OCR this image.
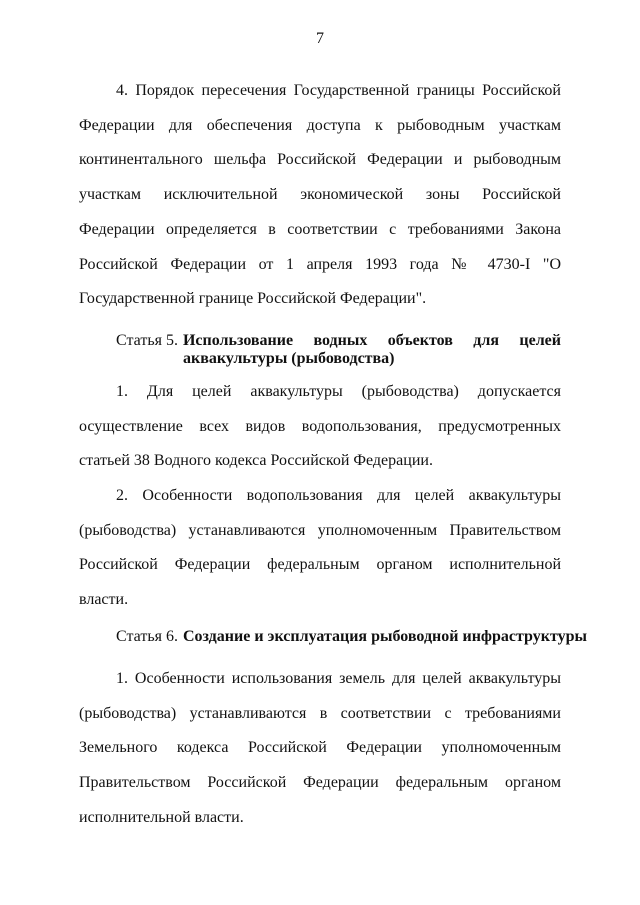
7

4. Порядок пересечения Государственной границы Российской Федерации для обеспечения доступа к рыбоводным участкам континентального шельфа Российской Федерации и рыбоводным участкам исключительной экономической зоны Российской Федерации определяется в соответствии с требованиями Закона Российской Федерации от 1 апреля 1993 года № 4730-I "О Государственной границе Российской Федерации".

Статья 5. Использование водных объектов для целей аквакультуры (рыбоводства)

1. Для целей аквакультуры (рыбоводства) допускается осуществление всех видов водопользования, предусмотренных статьей 38 Водного кодекса Российской Федерации.

2. Особенности водопользования для целей аквакультуры (рыбоводства) устанавливаются уполномоченным Правительством Российской Федерации федеральным органом исполнительной власти.

Статья 6. Создание и эксплуатация рыбоводной инфраструктуры

1. Особенности использования земель для целей аквакультуры (рыбоводства) устанавливаются в соответствии с требованиями Земельного кодекса Российской Федерации уполномоченным Правительством Российской Федерации федеральным органом исполнительной власти.
